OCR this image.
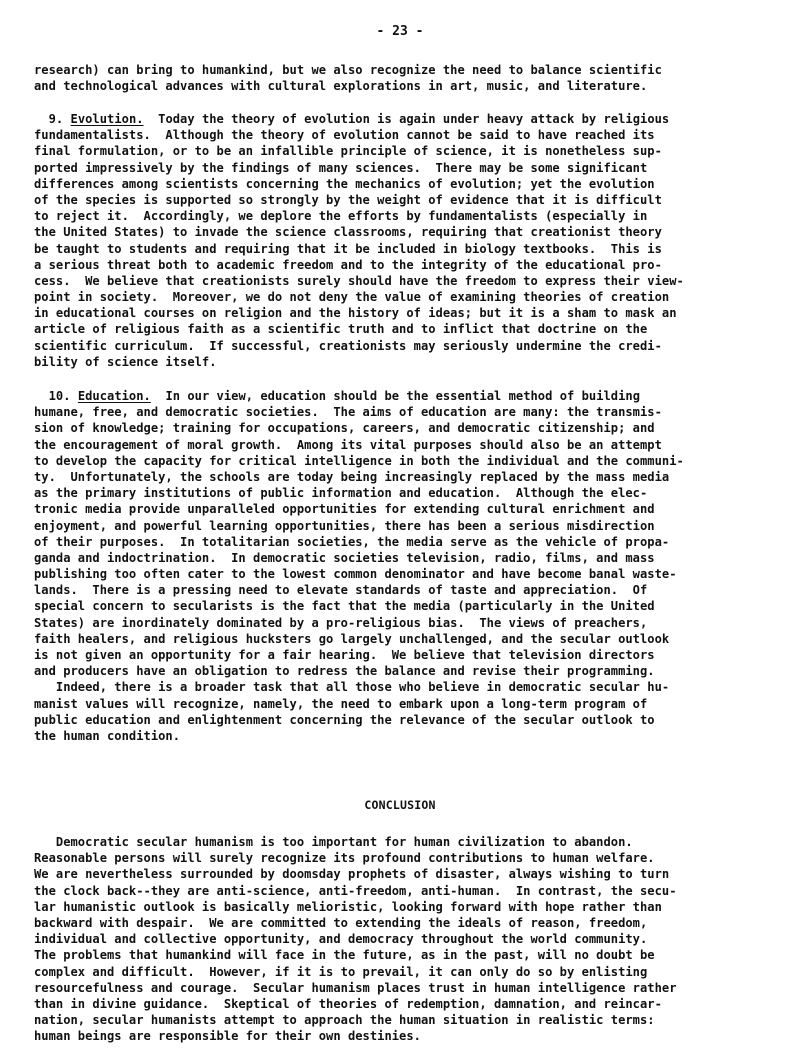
- 23 -
research) can bring to humankind, but we also recognize the need to balance scientific
and technological advances with cultural explorations in art, music, and literature.
9. Evolution.  Today the theory of evolution is again under heavy attack by religious
fundamentalists.  Although the theory of evolution cannot be said to have reached its
final formulation, or to be an infallible principle of science, it is nonetheless sup-
ported impressively by the findings of many sciences.  There may be some significant
differences among scientists concerning the mechanics of evolution; yet the evolution
of the species is supported so strongly by the weight of evidence that it is difficult
to reject it.  Accordingly, we deplore the efforts by fundamentalists (especially in
the United States) to invade the science classrooms, requiring that creationist theory
be taught to students and requiring that it be included in biology textbooks.  This is
a serious threat both to academic freedom and to the integrity of the educational pro-
cess.  We believe that creationists surely should have the freedom to express their view-
point in society.  Moreover, we do not deny the value of examining theories of creation
in educational courses on religion and the history of ideas; but it is a sham to mask an
article of religious faith as a scientific truth and to inflict that doctrine on the
scientific curriculum.  If successful, creationists may seriously undermine the credi-
bility of science itself.
10. Education.  In our view, education should be the essential method of building
humane, free, and democratic societies.  The aims of education are many: the transmis-
sion of knowledge; training for occupations, careers, and democratic citizenship; and
the encouragement of moral growth.  Among its vital purposes should also be an attempt
to develop the capacity for critical intelligence in both the individual and the communi-
ty.  Unfortunately, the schools are today being increasingly replaced by the mass media
as the primary institutions of public information and education.  Although the elec-
tronic media provide unparalleled opportunities for extending cultural enrichment and
enjoyment, and powerful learning opportunities, there has been a serious misdirection
of their purposes.  In totalitarian societies, the media serve as the vehicle of propa-
ganda and indoctrination.  In democratic societies television, radio, films, and mass
publishing too often cater to the lowest common denominator and have become banal waste-
lands.  There is a pressing need to elevate standards of taste and appreciation.  Of
special concern to secularists is the fact that the media (particularly in the United
States) are inordinately dominated by a pro-religious bias.  The views of preachers,
faith healers, and religious hucksters go largely unchallenged, and the secular outlook
is not given an opportunity for a fair hearing.  We believe that television directors
and producers have an obligation to redress the balance and revise their programming.
Indeed, there is a broader task that all those who believe in democratic secular hu-
manist values will recognize, namely, the need to embark upon a long-term program of
public education and enlightenment concerning the relevance of the secular outlook to
the human condition.
CONCLUSION
Democratic secular humanism is too important for human civilization to abandon.
Reasonable persons will surely recognize its profound contributions to human welfare.
We are nevertheless surrounded by doomsday prophets of disaster, always wishing to turn
the clock back--they are anti-science, anti-freedom, anti-human.  In contrast, the secu-
lar humanistic outlook is basically melioristic, looking forward with hope rather than
backward with despair.  We are committed to extending the ideals of reason, freedom,
individual and collective opportunity, and democracy throughout the world community.
The problems that humankind will face in the future, as in the past, will no doubt be
complex and difficult.  However, if it is to prevail, it can only do so by enlisting
resourcefulness and courage.  Secular humanism places trust in human intelligence rather
than in divine guidance.  Skeptical of theories of redemption, damnation, and reincar-
nation, secular humanists attempt to approach the human situation in realistic terms:
human beings are responsible for their own destinies.
